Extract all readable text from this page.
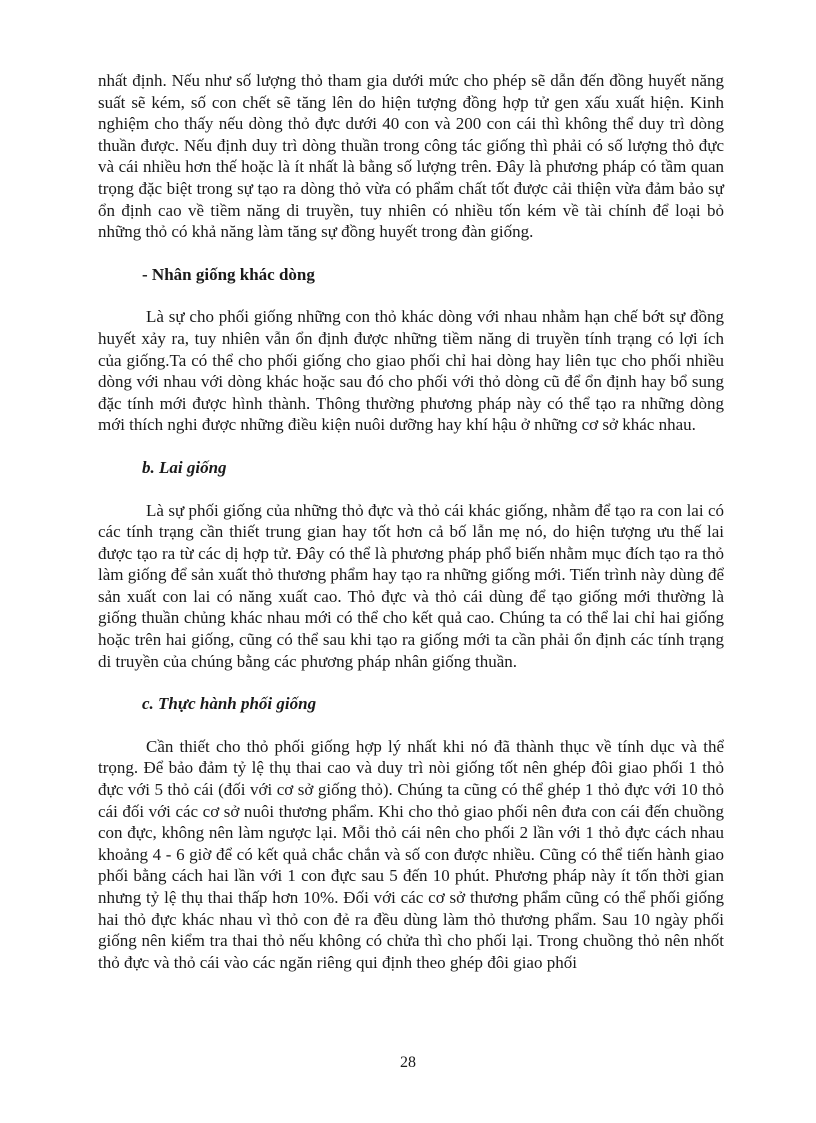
nhất định. Nếu như số lượng thỏ tham gia dưới mức cho phép sẽ dẫn đến đồng huyết năng suất sẽ kém, số con chết sẽ tăng lên do hiện tượng đồng hợp tử gen xấu xuất hiện. Kinh nghiệm cho thấy nếu dòng thỏ đực dưới 40 con và 200 con cái thì không thể duy trì dòng thuần được. Nếu định duy trì dòng thuần trong công tác giống thì phải có số lượng thỏ đực và cái nhiều hơn thế hoặc là ít nhất là bằng số lượng trên. Đây là phương pháp có tầm quan trọng đặc biệt trong sự tạo ra dòng thỏ vừa có phẩm chất tốt được cải thiện vừa đảm bảo sự ổn định cao về tiềm năng di truyền, tuy nhiên có nhiều tốn kém về tài chính để loại bỏ những thỏ có khả năng làm tăng sự đồng huyết trong đàn giống.

- Nhân giống khác dòng

Là sự cho phối giống những con thỏ khác dòng với nhau nhằm hạn chế bớt sự đồng huyết xảy ra, tuy nhiên vẫn ổn định được những tiềm năng di truyền tính trạng có lợi ích của giống.Ta có thể cho phối giống cho giao phối chỉ hai dòng hay liên tục cho phối nhiều dòng với nhau với dòng khác hoặc sau đó cho phối với thỏ dòng cũ để ổn định hay bổ sung đặc tính mới được hình thành. Thông thường phương pháp này có thể tạo ra những dòng mới thích nghi được những điều kiện nuôi dưỡng hay khí hậu ở những cơ sở khác nhau.

b. Lai giống

Là sự phối giống của những thỏ đực và thỏ cái khác giống, nhằm để tạo ra con lai có các tính trạng cần thiết trung gian hay tốt hơn cả bố lẫn mẹ nó, do hiện tượng ưu thế lai được tạo ra từ các dị hợp tử. Đây có thể là phương pháp phổ biến nhằm mục đích tạo ra thỏ làm giống để sản xuất thỏ thương phẩm hay tạo ra những giống mới. Tiến trình này dùng để sản xuất con lai có năng xuất cao. Thỏ đực và thỏ cái dùng để tạo giống mới thường là giống thuần chủng khác nhau mới có thể cho kết quả cao. Chúng ta có thể lai chỉ hai giống hoặc trên hai giống, cũng có thể sau khi tạo ra giống mới ta cần phải ổn định các tính trạng di truyền của chúng bằng các phương pháp nhân giống thuần.

c. Thực hành phối giống

Cần thiết cho thỏ phối giống hợp lý nhất khi nó đã thành thục về tính dục và thể trọng. Để bảo đảm tỷ lệ thụ thai cao và duy trì nòi giống tốt nên ghép đôi giao phối 1 thỏ đực với 5 thỏ cái (đối với cơ sở giống thỏ). Chúng ta cũng có thể ghép 1 thỏ đực với 10 thỏ cái đối với các cơ sở nuôi thương phẩm. Khi cho thỏ giao phối nên đưa con cái đến chuồng con đực, không nên làm ngược lại. Mỗi thỏ cái nên cho phối 2 lần với 1 thỏ đực cách nhau khoảng 4 - 6 giờ để có kết quả chắc chắn và số con được nhiều. Cũng có thể tiến hành giao phối bằng cách hai lần với 1 con đực sau 5 đến 10 phút. Phương pháp này ít tốn thời gian nhưng tỷ lệ thụ thai thấp hơn 10%. Đối với các cơ sở thương phẩm cũng có thể phối giống hai thỏ đực khác nhau vì thỏ con đẻ ra đều dùng làm thỏ thương phẩm. Sau 10 ngày phối giống nên kiểm tra thai thỏ nếu không có chửa thì cho phối lại. Trong chuồng thỏ nên nhốt thỏ đực và thỏ cái vào các ngăn riêng qui định theo ghép đôi giao phối

28
